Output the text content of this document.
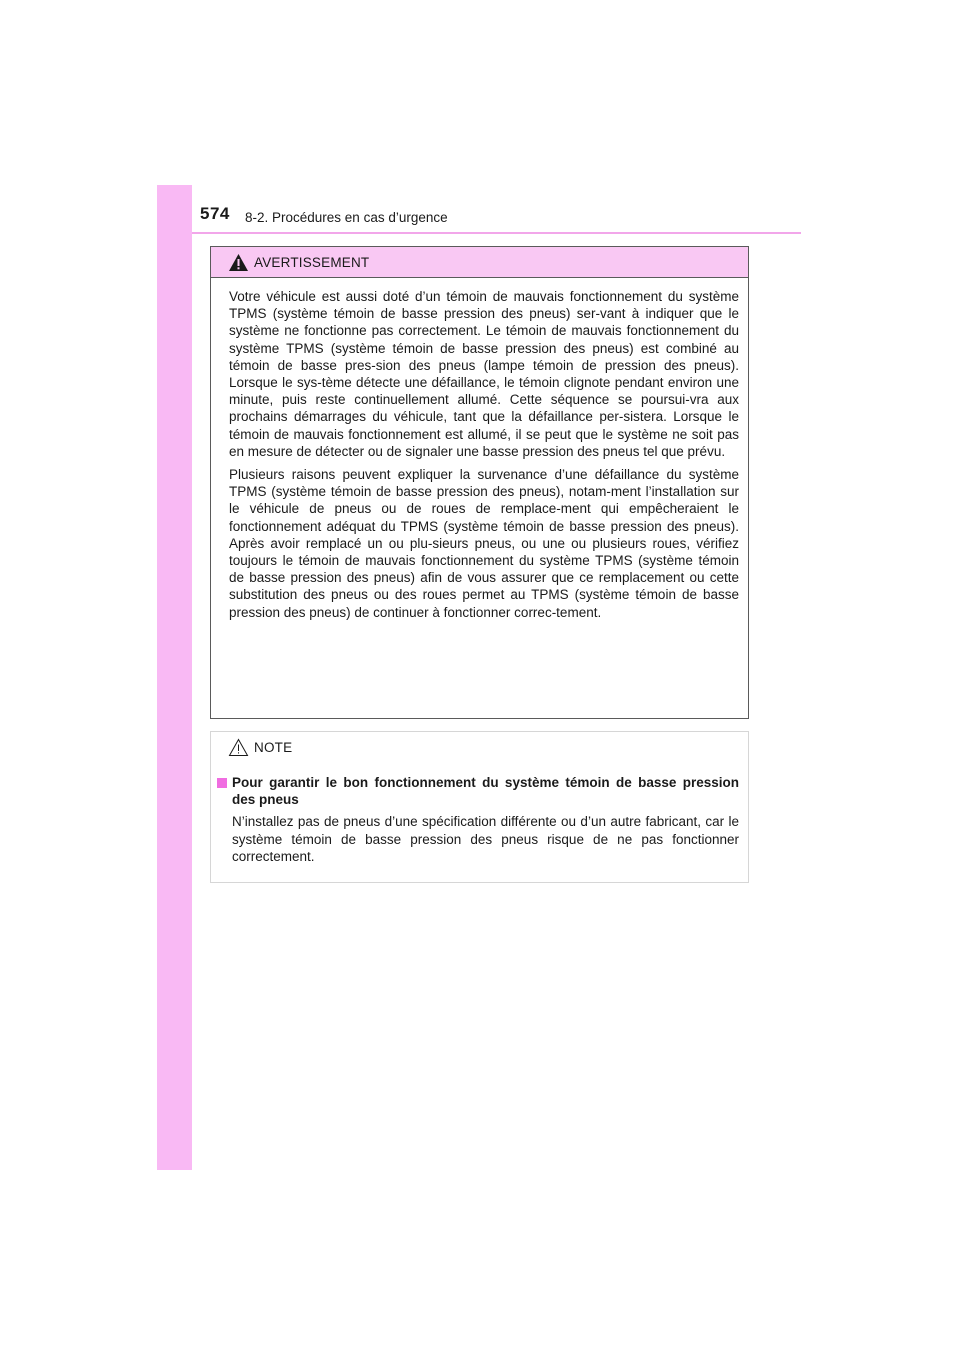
574 8-2. Procédures en cas d’urgence
AVERTISSEMENT

Votre véhicule est aussi doté d’un témoin de mauvais fonctionnement du système TPMS (système témoin de basse pression des pneus) ser-vant à indiquer que le système ne fonctionne pas correctement. Le témoin de mauvais fonctionnement du système TPMS (système témoin de basse pression des pneus) est combiné au témoin de basse pres-sion des pneus (lampe témoin de pression des pneus). Lorsque le sys-tème détecte une défaillance, le témoin clignote pendant environ une minute, puis reste continuellement allumé. Cette séquence se poursui-vra aux prochains démarrages du véhicule, tant que la défaillance per-sistera. Lorsque le témoin de mauvais fonctionnement est allumé, il se peut que le système ne soit pas en mesure de détecter ou de signaler une basse pression des pneus tel que prévu.

Plusieurs raisons peuvent expliquer la survenance d’une défaillance du système TPMS (système témoin de basse pression des pneus), notam-ment l’installation sur le véhicule de pneus ou de roues de remplace-ment qui empêcheraient le fonctionnement adéquat du TPMS (système témoin de basse pression des pneus). Après avoir remplacé un ou plu-sieurs pneus, ou une ou plusieurs roues, vérifiez toujours le témoin de mauvais fonctionnement du système TPMS (système témoin de basse pression des pneus) afin de vous assurer que ce remplacement ou cette substitution des pneus ou des roues permet au TPMS (système témoin de basse pression des pneus) de continuer à fonctionner correc-tement.

NOTE
Pour garantir le bon fonctionnement du système témoin de basse pression des pneus

N’installez pas de pneus d’une spécification différente ou d’un autre fabricant, car le système témoin de basse pression des pneus risque de ne pas fonctionner correctement.
